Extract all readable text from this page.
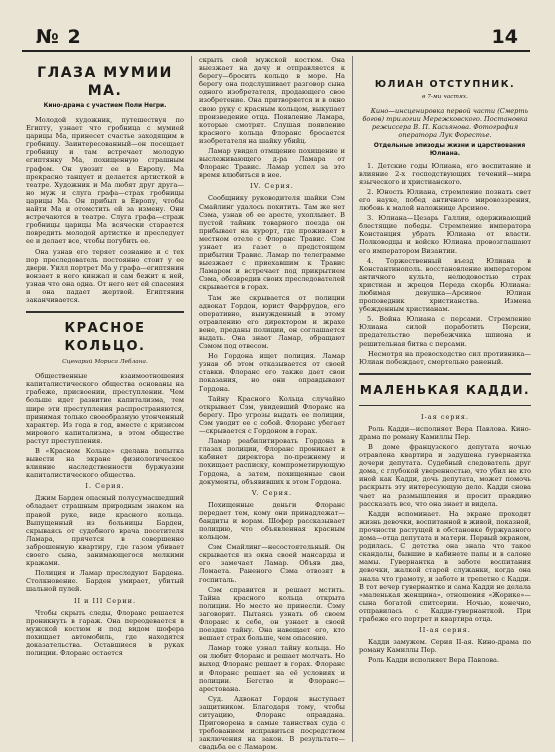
№ 2	14
ГЛАЗА МУМИИ МА.
Кино-драма с участием Поли Негри.

Молодой художник, путешествуя по Египту, узнает что гробница с мумией царицы Ма, принесет счастье заходящим в гробницу. Заинтересованный—он посещает гробницу и там встречает молодую египтянку Ма, похищенную страшным графом. Он увозит ее в Европу. Ма прекрасно танцует и делается артисткой в театре. Художник и Ма любят друг друга—но муж и слуга графа—страх гробницы царицы Ма. Он прибыл в Европу, чтобы найти Ма и отомстить ей за измену. Они встречаются в театре. Слуга графа—страж гробницы царицы Ма всячески старается повредить молодой артистке и преследует ее и делает все, чтобы погубить ее.

Она узнав его теряет сознание и с тех пор преследователь постоянно стоит у ее двери. Уилл портрет Ма у графа—египтянин вонзает в него кинжал и сам бежит к ней, узнав что она одна. От него нет ей спасения и она падает жертвой. Египтянин заканчивается.

КРАСНОЕ КОЛЬЦО.
Сценарий Мориса Леблана.

Общественные взаимоотношения капиталистического общества основаны на грабеже, присвоении, преступлении. Чем больше идет развитие капитализма, тем шире эти преступления распространяются, принимая только своеобразную утонченный характер. Из года в год, вместе с кризисом мирового капитализма, в этом обществе растут преступления.

В «Красном Кольце» сделана попытка вывести на экране физиологическое влияние наследственности буржуазии капиталистического общества.

I. Серия.

Джим Барден опасный полусумасшедший обладает страшным природным знаком на правой руке, виде красного кольца. Выпущенный из больницы Барден, скрываясь от судебного врача посетителя Ламара, прячется в совершенно заброшенную квартиру, где газом убивает своего сына, занимающегося мелкими кражами.

Полиция и Ламар преследуют Бардена. Столкновение. Барден умирает, убитый шальной пулей.

II и III Серии.

Чтобы скрыть следы, Флоранс решается проникнуть в гараж. Она переодевается в мужской костюм и под видом шофера похищает автомобиль, где находятся доказательства. Оставшиеся в руках полиции. Флоранс остается

скрыть свой мужской костюм. Она выезжает на дачу и отправляется к берегу—бросить кольцо в море. На берегу она подслушивает разговор сына одного изобретателя, продающего свое изобретение. Она притворяется и в окно свою руку с красным кольцом, выкупает произведение отца. Появление Ламара, которые смотрят. Слушая появление красного кольца Флоранс бросается изобретателя на шайку убийц.

Ламар увидел отмщение похищение и выслеживающего д-ра Ламара от Флоранс Травис. Ламар успел за это время влюбиться в нее.

IV. Серия.

Сообщнику руководителя шайки Сэм Смайлинг удалось похитить. Там же нет Сэма, узнав об ее аресте, ухоплывет. В пустой тайник товарного поезда он прибывает на курорт, где проживает в местном отеле с Флоранс Травис. Сэм узнает из газет о предстоящем прибытии Травис. Ламар по телеграмме выезжает с приехавшим к Травис Ламаром и встречает под прикрытием Сэма, обезвредив своих преследователей скрывается в горах.

Там же скрывается от полиции адвокат Гордон, юрист Фарфрудов, его оперативно, вынужденный в этому отравлению его директором и жрахе вене, преданы полиции, он соглашается выдать. Она знает Ламар, обращают Сэмом под отвесом.

Но Гордона ищет полиция. Ламар узнав об этом отказывается от своей ставки. Флоранс его также дает свои показания, но они оправдывают Гордона.

Тайну Красного Кольца случайно открывает Сэм, увидевший Флоранс на берегу. Про угрозы выдать ее полиции, Сэм уводит ее с собой. Флоранс убегает—скрывается с Гордоном в горах.

Ламар реабилитировать Гордона в глазах полиции, Флоранс проникает в кабинет директора по-прежнему и похищает расписку, компрометирующую Гордона, а затем, похищенные свои документы, объявивших к этом Гордона.

V. Серия.

Похищенные деньги Флоранс передает тем, кому они принадлежат—бандиты и ворам. Шофер рассказывает полицию, что объявленная красным кольцом.

Сэм Смайлинг—несостоятельный. Он скрывается из окна своей мансарды и его замечает Ламар. Объяв два, Ломаета. Раненого Сэма отвозят в госпиталь.

Сэм справится и решает мстить. Тайна красного кольца открыта полиции. Но место не принесли. Сэму заговорит. Пытаясь узнать об своем Флоранс к себе, он узнает в своей поездке тайну. Она навещает его, кто вешает страх больше, чем опасение.

Ламар тоже узнал тайну кольца. Но он любит Флоранс и решает молчать. Но выход Флоранс решает в горах. Флоранс и Флоранс решает на её условиях и полиции. Бегство и Флоранс—арестована.

Суд. Адвокат Гордон выступает защитником. Благодаря тому, чтобы ситуацию, Флоранс оправдана. Приговорена в самые таинствах суда с требованием исправиться посредством заключения на закон. В результате—свадьба ее с Ламаром.

ЮЛИАН ОТСТУПНИК.
в 7-ми частях.

Кино—инсценировка первой части (Смерть богов) трилогии Мережковского. Постановка режиссера В. П. Касьянова. Фотография оператора Лук Форестье.

Отдельные эпизоды жизни и царствования Юлиана.

1. Детские годы Юлиана, его воспитание и влияние 2-х господствующих течений—мира языческого и христианского.

2. Юность Юлиана, стремление познать свет его науке, побед античного мировоззрения, любовь к малой наложнице Арсиное.

3. Юлиана—Цезарь Галлии, одерживающий блестящие победы. Стремление императора Констанция убрать Юлиана от власти. Полководцы и войско Юлиана провозглашают его императором Византии.

4. Торжественный въезд Юлиана в Константинополь. восстановление императором античного культа, нелюдовостью страх христиан и жрецов Переда скорбь Юлиана: любимая девушка—Арсиное Юлиан проповедник христианства. Измена убежденным христианам.

5. Война Юлиана с персами. Стремление Юлиана силой поработить Персии, предательство перебежчика шпиона и решительная битва с персами.

Несмотря на превосходство сил противника—Юлиан побеждает, смертельно раненый.

МАЛЕНЬКАЯ КАДДИ.
I-ая серия.

Роль Кадди—исполняет Вера Павлова. Кино-драма по роману Камиллы Пер.

В доме французского депутата ночью отравлена квартира и задушена гувернантка дочери депутата. Судебный следователь друг дома, с глубокой уверенностью, что убил не кто иной как Кадди, дочь депутата, может помочь раскрыть эту интересующую дело. Кадди снова чает на размышления и просит правдиво рассказать все, что она знает и видела.

Кадди вспоминает. На экране проходят жизнь девочки, воспитанной в живой, показной, прочности растущей в обстановке буржуазного дома—отца депутата и матери. Первый экраном, родилась. С детства она знала что такое скандалы, бывшие в кабинете папы и в салоне мамы. Гувернантка в заботе воспитания девочки, жалкой старой служанки, когда она знала что грамоту, и заботе и трепетно с Кадди. В тот вечер гувернантке и сама Кадди не делала «маленькая женщина», отношения «Жорике»—сына богатой спитсерии. Ночью, конечно, отправилась с Кадди-гувернанткой. При грабеже его портрет и квартира отца.

II-ая серия.

Кадди замужем. Серия II-ая. Кино-драма по роману Камиллы Пер.

Роль Кадди исполняет Вера Павлова.
